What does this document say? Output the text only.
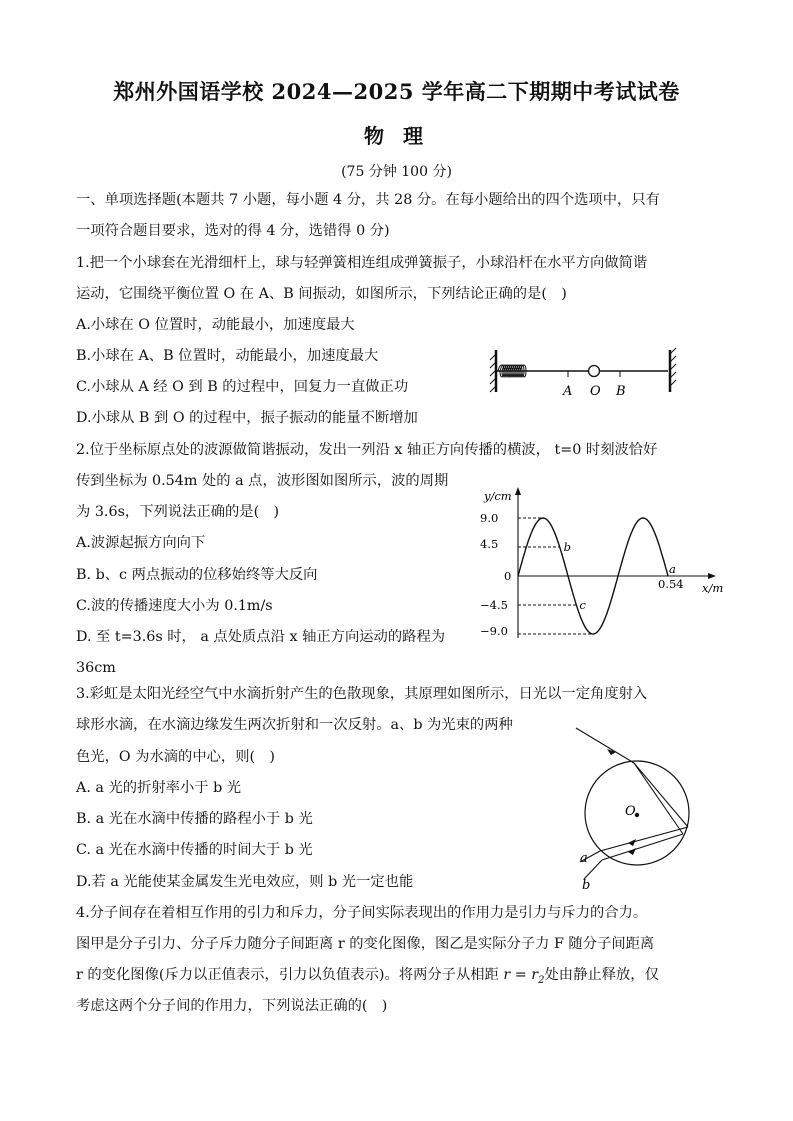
郑州外国语学校 2024—2025 学年高二下期期中考试试卷
物 理
(75 分钟 100 分)
一、单项选择题(本题共 7 小题，每小题 4 分，共 28 分。在每小题给出的四个选项中，只有
一项符合题目要求，选对的得 4 分，选错得 0 分)
1.把一个小球套在光滑细杆上，球与轻弹簧相连组成弹簧振子，小球沿杆在水平方向做简谐
运动，它围绕平衡位置 O 在 A、B 间振动，如图所示，下列结论正确的是(　)
A.小球在 O 位置时，动能最小，加速度最大
B.小球在 A、B 位置时，动能最小，加速度最大
C.小球从 A 经 O 到 B 的过程中，回复力一直做正功
D.小球从 B 到 O 的过程中，振子振动的能量不断增加
A O B
2.位于坐标原点处的波源做简谐振动，发出一列沿 x 轴正方向传播的横波， t=0 时刻波恰好
传到坐标为 0.54m 处的 a 点，波形图如图所示，波的周期
为 3.6s，下列说法正确的是(　)
A.波源起振方向向下
B. b、c 两点振动的位移始终等大反向
C.波的传播速度大小为 0.1m/s
D. 至 t=3.6s 时， a 点处质点沿 x 轴正方向运动的路程为
36cm
y/cm
x/m
0
9.0
4.5
−4.5
−9.0
0.54
b
c
a
3.彩虹是太阳光经空气中水滴折射产生的色散现象，其原理如图所示，日光以一定角度射入
球形水滴，在水滴边缘发生两次折射和一次反射。a、b 为光束的两种
色光，O 为水滴的中心，则(　)
A. a 光的折射率小于 b 光
B. a 光在水滴中传播的路程小于 b 光
C. a 光在水滴中传播的时间大于 b 光
D.若 a 光能使某金属发生光电效应，则 b 光一定也能
O
a
b
4.分子间存在着相互作用的引力和斥力，分子间实际表现出的作用力是引力与斥力的合力。
图甲是分子引力、分子斥力随分子间距离 r 的变化图像，图乙是实际分子力 F 随分子间距离
r 的变化图像(斥力以正值表示，引力以负值表示)。将两分子从相距 $r = r_2$处由静止释放，仅
考虑这两个分子间的作用力，下列说法正确的(　)
